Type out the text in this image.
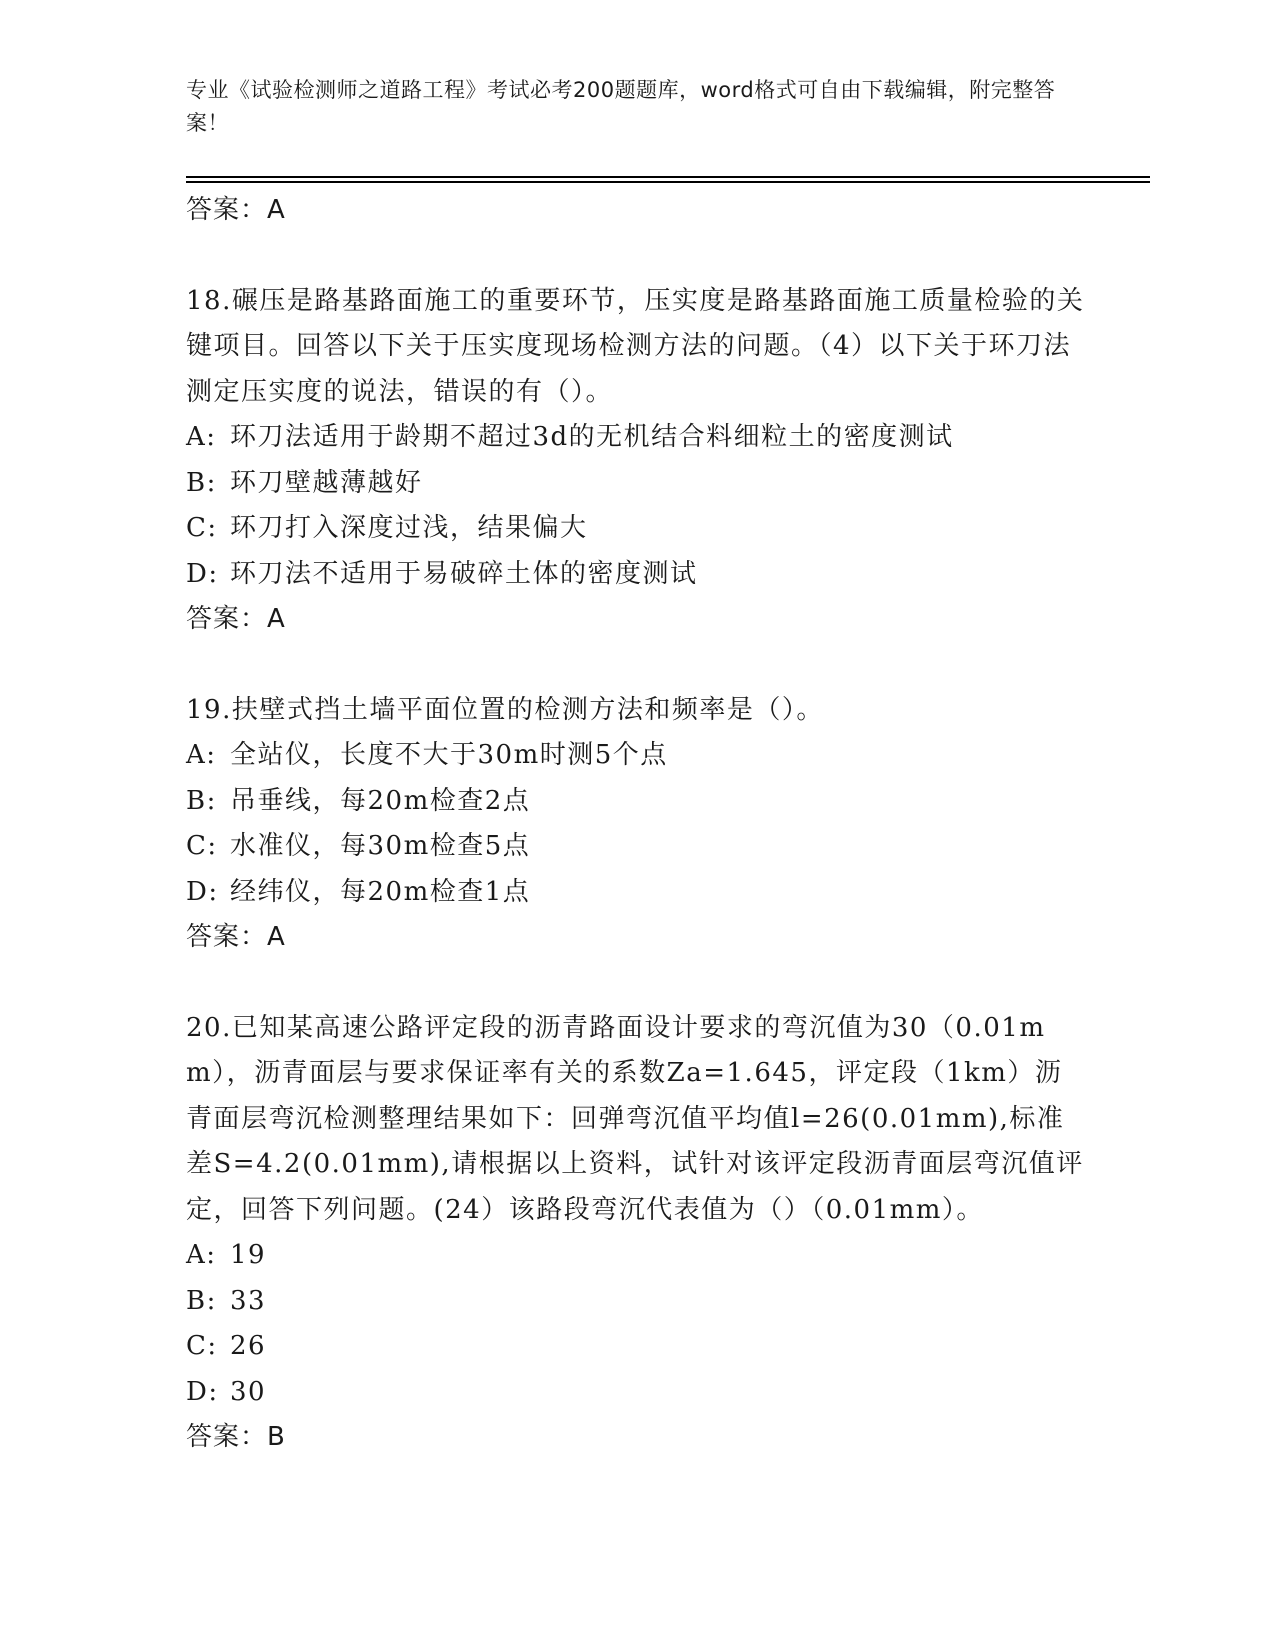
专业《试验检测师之道路工程》考试必考200题题库，word格式可自由下载编辑，附完整答案！
答案：A

18.碾压是路基路面施工的重要环节，压实度是路基路面施工质量检验的关键项目。回答以下关于压实度现场检测方法的问题。（4）以下关于环刀法测定压实度的说法，错误的有（）。

A: 环刀法适用于龄期不超过3d的无机结合料细粒土的密度测试
B: 环刀壁越薄越好
C: 环刀打入深度过浅，结果偏大
D: 环刀法不适用于易破碎土体的密度测试
答案：A

19.扶壁式挡土墙平面位置的检测方法和频率是（）。

A: 全站仪，长度不大于30m时测5个点
B: 吊垂线，每20m检查2点
C: 水准仪，每30m检查5点
D: 经纬仪，每20m检查1点
答案：A

20.已知某高速公路评定段的沥青路面设计要求的弯沉值为30（0.01mm），沥青面层与要求保证率有关的系数Za=1.645，评定段（1km）沥青面层弯沉检测整理结果如下：回弹弯沉值平均值l=26(0.01mm),标准差S=4.2(0.01mm),请根据以上资料，试针对该评定段沥青面层弯沉值评定，回答下列问题。(24）该路段弯沉代表值为（）（0.01mm）。

A: 19
B: 33
C: 26
D: 30
答案：B
